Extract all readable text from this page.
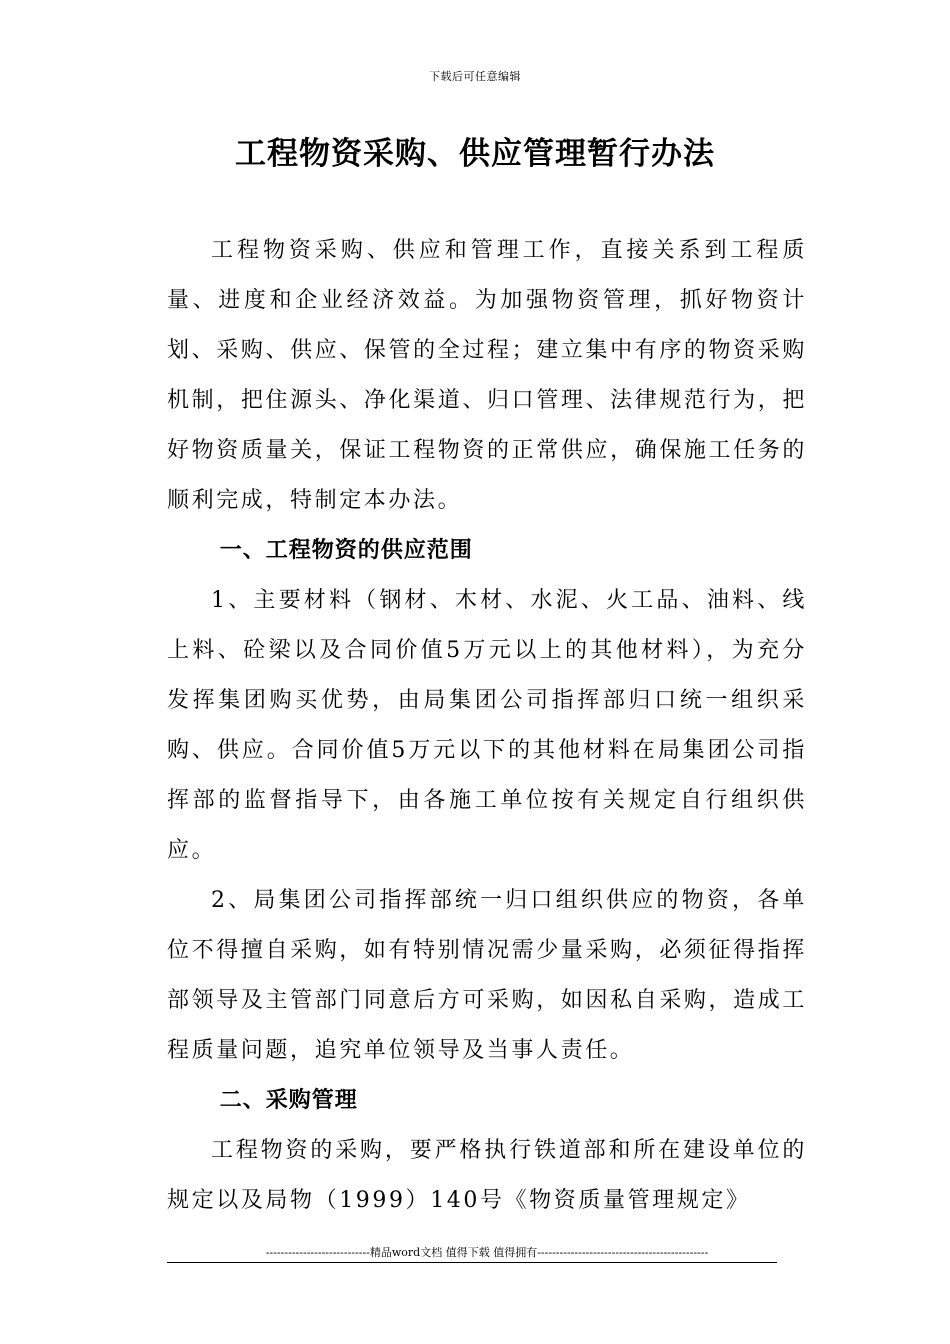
下载后可任意编辑
工程物资采购、供应管理暂行办法

工程物资采购、供应和管理工作，直接关系到工程质量、进度和企业经济效益。为加强物资管理，抓好物资计划、采购、供应、保管的全过程；建立集中有序的物资采购机制，把住源头、净化渠道、归口管理、法律规范行为，把好物资质量关，保证工程物资的正常供应，确保施工任务的顺利完成，特制定本办法。

一、工程物资的供应范围

1、主要材料（钢材、木材、水泥、火工品、油料、线上料、砼梁以及合同价值5万元以上的其他材料），为充分发挥集团购买优势，由局集团公司指挥部归口统一组织采购、供应。合同价值5万元以下的其他材料在局集团公司指挥部的监督指导下，由各施工单位按有关规定自行组织供应。

2、局集团公司指挥部统一归口组织供应的物资，各单位不得擅自采购，如有特别情况需少量采购，必须征得指挥部领导及主管部门同意后方可采购，如因私自采购，造成工程质量问题，追究单位领导及当事人责任。

二、采购管理

工程物资的采购，要严格执行铁道部和所在建设单位的规定以及局物（1999）140号《物资质量管理规定》

----------------------------精品word文档 值得下载 值得拥有----------------------------------------------
